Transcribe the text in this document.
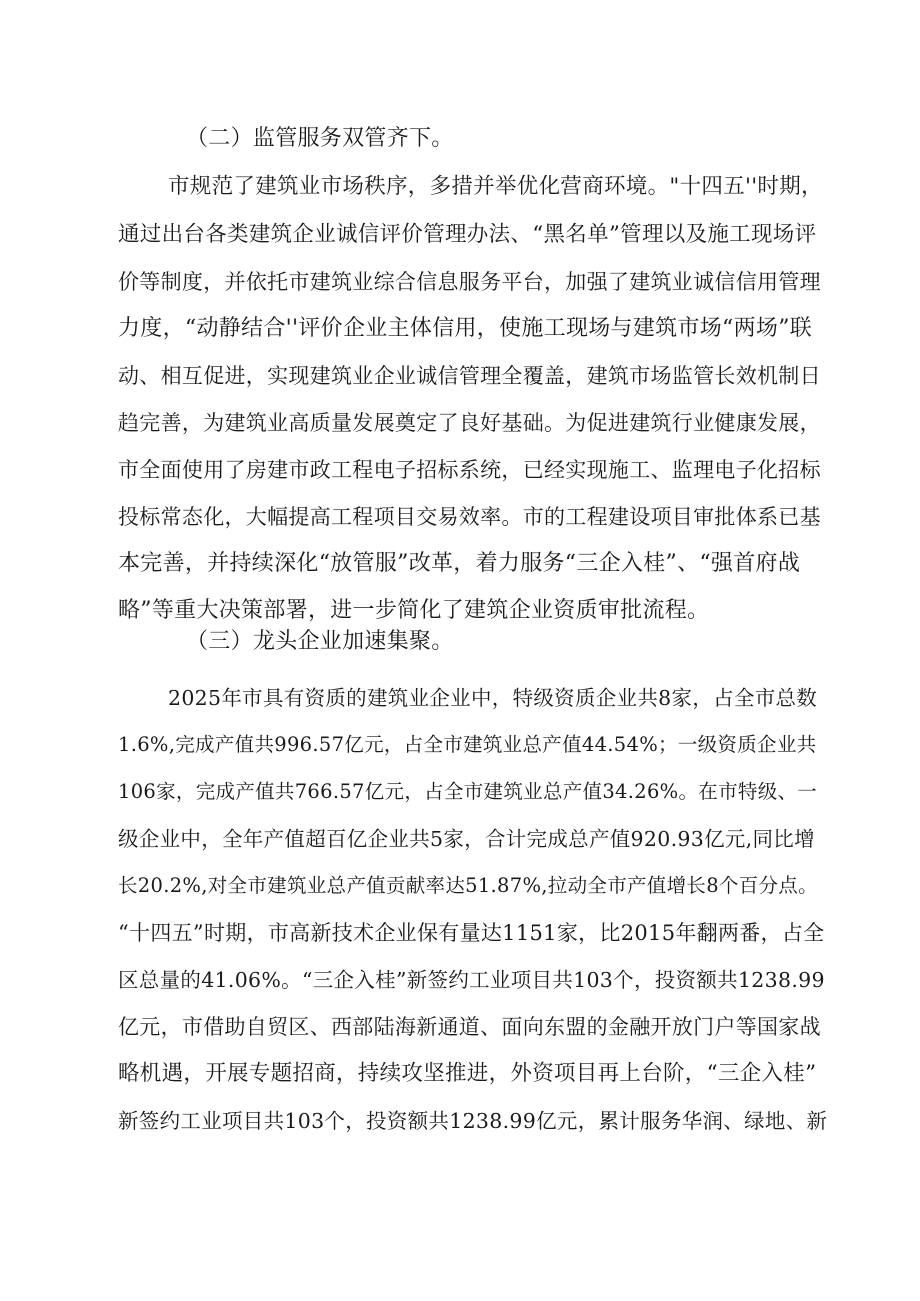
（二）监管服务双管齐下。
市规范了建筑业市场秩序，多措并举优化营商环境。"十四五''时期，
通过出台各类建筑企业诚信评价管理办法、“黑名单”管理以及施工现场评
价等制度，并依托市建筑业综合信息服务平台，加强了建筑业诚信信用管理
力度，“动静结合''评价企业主体信用，使施工现场与建筑市场“两场”联
动、相互促进，实现建筑业企业诚信管理全覆盖，建筑市场监管长效机制日
趋完善，为建筑业高质量发展奠定了良好基础。为促进建筑行业健康发展，
市全面使用了房建市政工程电子招标系统，已经实现施工、监理电子化招标
投标常态化，大幅提高工程项目交易效率。市的工程建设项目审批体系已基
本完善，并持续深化“放管服”改革，着力服务“三企入桂”、“强首府战
略”等重大决策部署，进一步简化了建筑企业资质审批流程。
（三）龙头企业加速集聚。
2025年市具有资质的建筑业企业中，特级资质企业共8家，占全市总数
1.6%,完成产值共996.57亿元，占全市建筑业总产值44.54%；一级资质企业共
106家，完成产值共766.57亿元，占全市建筑业总产值34.26%。在市特级、一
级企业中，全年产值超百亿企业共5家，合计完成总产值920.93亿元,同比增
长20.2%,对全市建筑业总产值贡献率达51.87%,拉动全市产值增长8个百分点。
“十四五”时期，市高新技术企业保有量达1151家，比2015年翻两番，占全
区总量的41.06%。“三企入桂”新签约工业项目共103个，投资额共1238.99
亿元，市借助自贸区、西部陆海新通道、面向东盟的金融开放门户等国家战
略机遇，开展专题招商，持续攻坚推进，外资项目再上台阶，“三企入桂”
新签约工业项目共103个，投资额共1238.99亿元，累计服务华润、绿地、新
